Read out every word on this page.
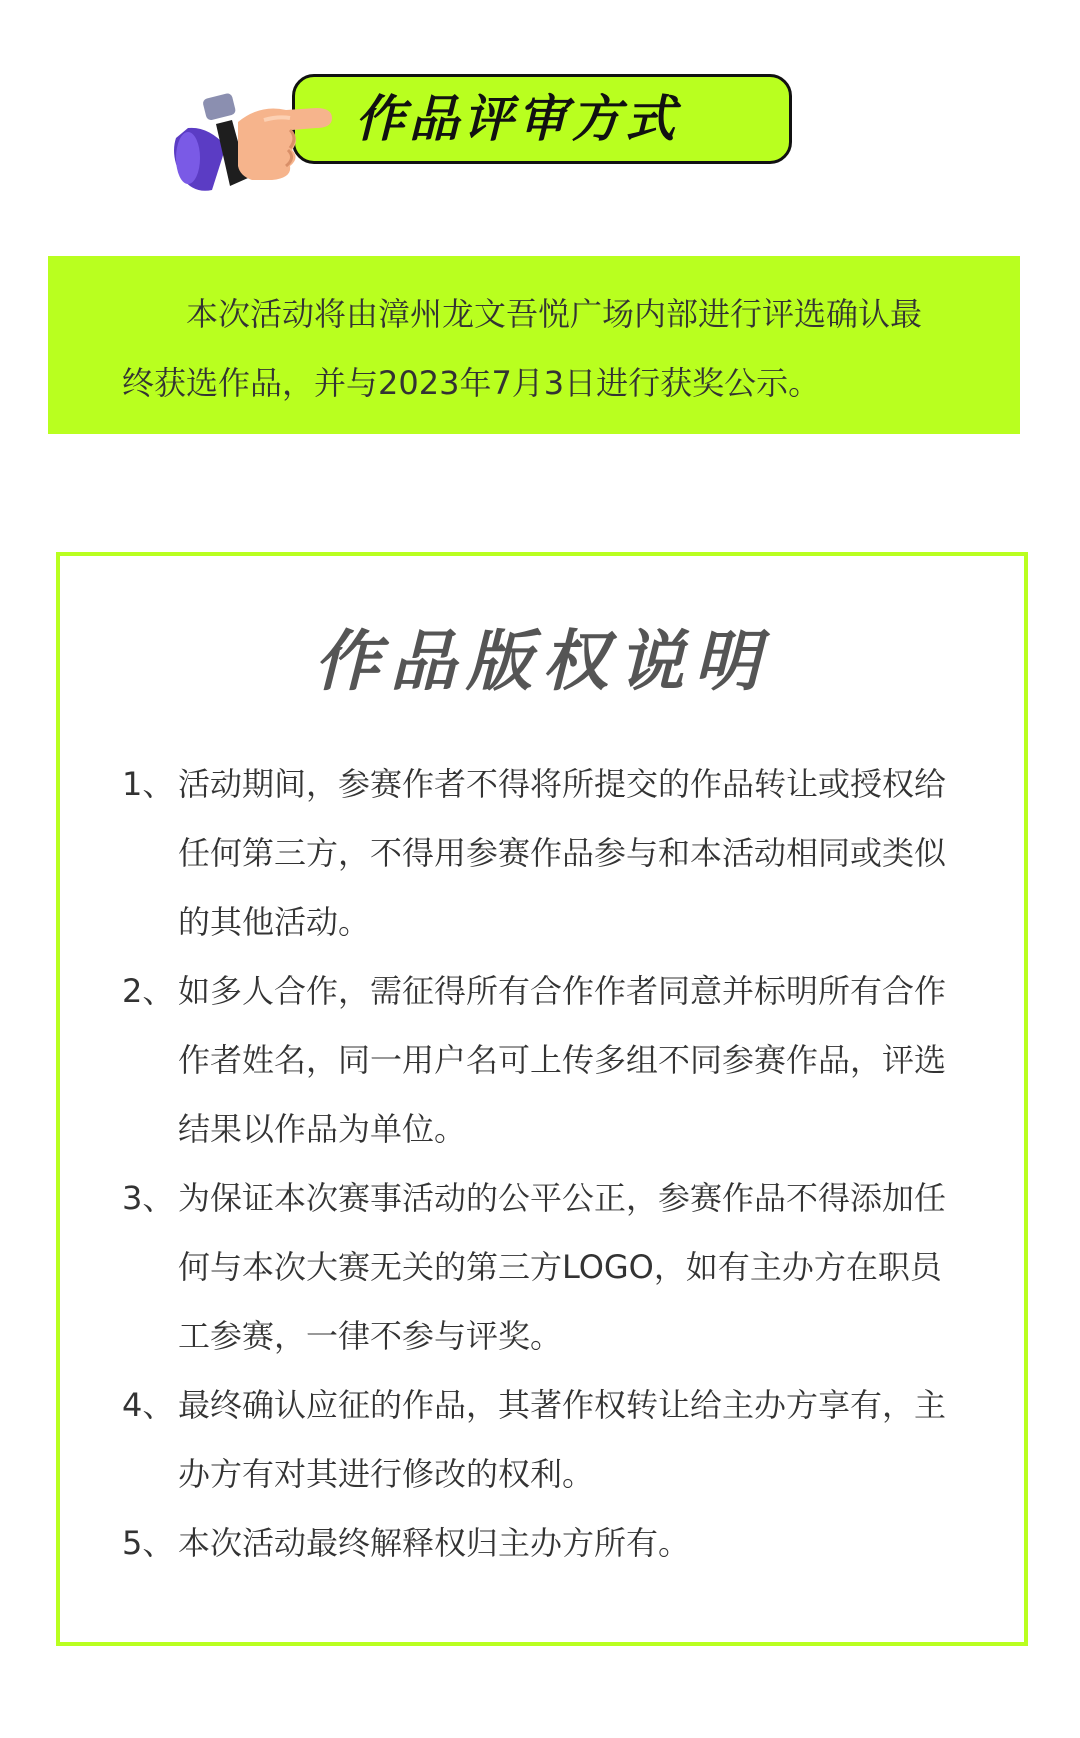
作品评审方式

本次活动将由漳州龙文吾悦广场内部进行评选确认最终获选作品，并与2023年7月3日进行获奖公示。

作品版权说明
1、 活动期间，参赛作者不得将所提交的作品转让或授权给任何第三方，不得用参赛作品参与和本活动相同或类似的其他活动。
2、 如多人合作，需征得所有合作作者同意并标明所有合作作者姓名，同一用户名可上传多组不同参赛作品，评选结果以作品为单位。
3、 为保证本次赛事活动的公平公正，参赛作品不得添加任何与本次大赛无关的第三方LOGO，如有主办方在职员工参赛，一律不参与评奖。
4、 最终确认应征的作品，其著作权转让给主办方享有，主办方有对其进行修改的权利。
5、 本次活动最终解释权归主办方所有。
